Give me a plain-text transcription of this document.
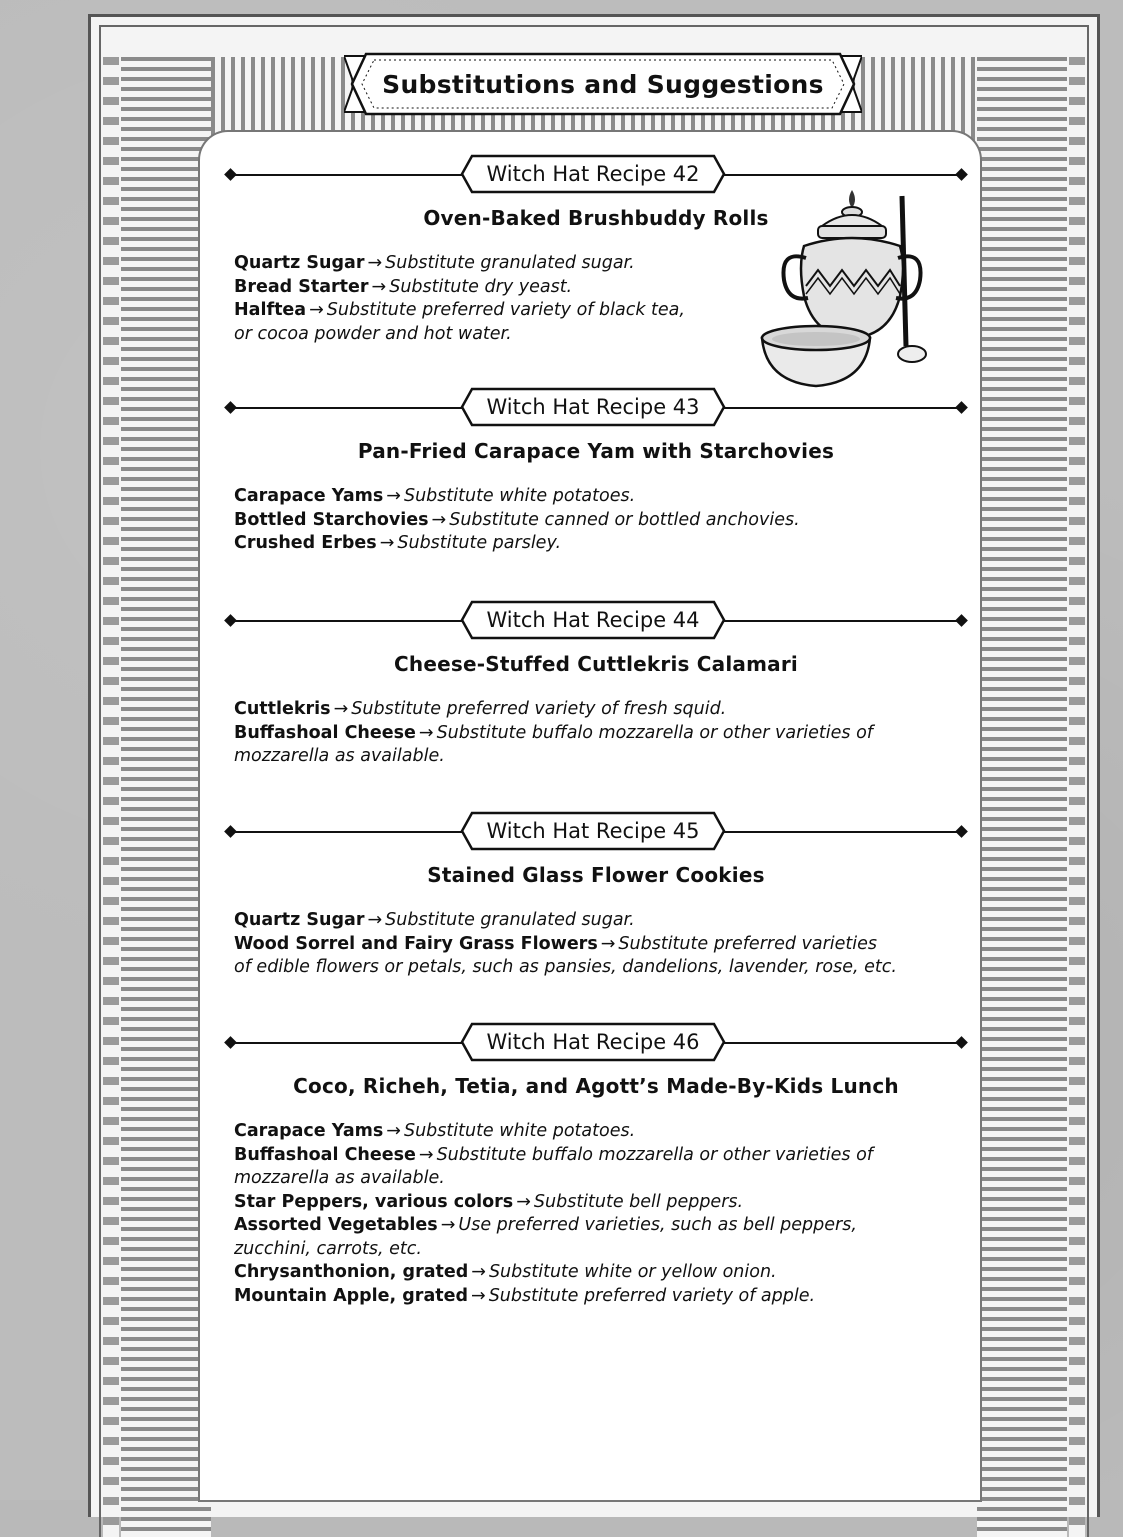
Substitutions and Suggestions
Witch Hat Recipe 42
Oven-Baked Brushbuddy Rolls
Quartz Sugar → Substitute granulated sugar.
Bread Starter → Substitute dry yeast.
Halftea → Substitute preferred variety of black tea,
or cocoa powder and hot water.
Witch Hat Recipe 43
Pan-Fried Carapace Yam with Starchovies
Carapace Yams → Substitute white potatoes.
Bottled Starchovies → Substitute canned or bottled anchovies.
Crushed Erbes → Substitute parsley.
Witch Hat Recipe 44
Cheese-Stuffed Cuttlekris Calamari
Cuttlekris → Substitute preferred variety of fresh squid.
Buffashoal Cheese → Substitute buffalo mozzarella or other varieties of
mozzarella as available.
Witch Hat Recipe 45
Stained Glass Flower Cookies
Quartz Sugar → Substitute granulated sugar.
Wood Sorrel and Fairy Grass Flowers → Substitute preferred varieties
of edible flowers or petals, such as pansies, dandelions, lavender, rose, etc.
Witch Hat Recipe 46
Coco, Richeh, Tetia, and Agott’s Made-By-Kids Lunch
Carapace Yams → Substitute white potatoes.
Buffashoal Cheese → Substitute buffalo mozzarella or other varieties of
mozzarella as available.
Star Peppers, various colors → Substitute bell peppers.
Assorted Vegetables → Use preferred varieties, such as bell peppers,
zucchini, carrots, etc.
Chrysanthonion, grated → Substitute white or yellow onion.
Mountain Apple, grated → Substitute preferred variety of apple.
